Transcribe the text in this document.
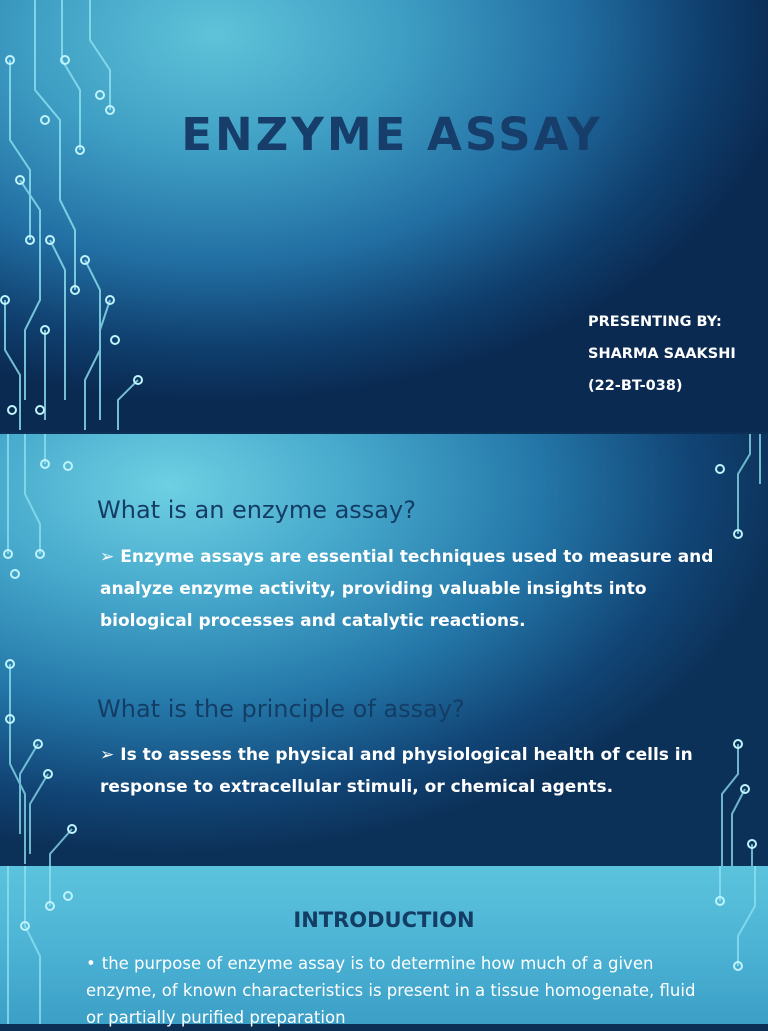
ENZYME ASSAY
PRESENTING BY:
SHARMA SAAKSHI
(22-BT-038)
What is an enzyme assay?

➢ Enzyme assays are essential techniques used to measure and analyze enzyme activity, providing valuable insights into biological processes and catalytic reactions.

What is the principle of assay?

➢ Is to assess the physical and physiological health of cells in response to extracellular stimuli, or chemical agents.

INTRODUCTION

• the purpose of enzyme assay is to determine how much of a given enzyme, of known characteristics is present in a tissue homogenate, fluid or partially purified preparation
